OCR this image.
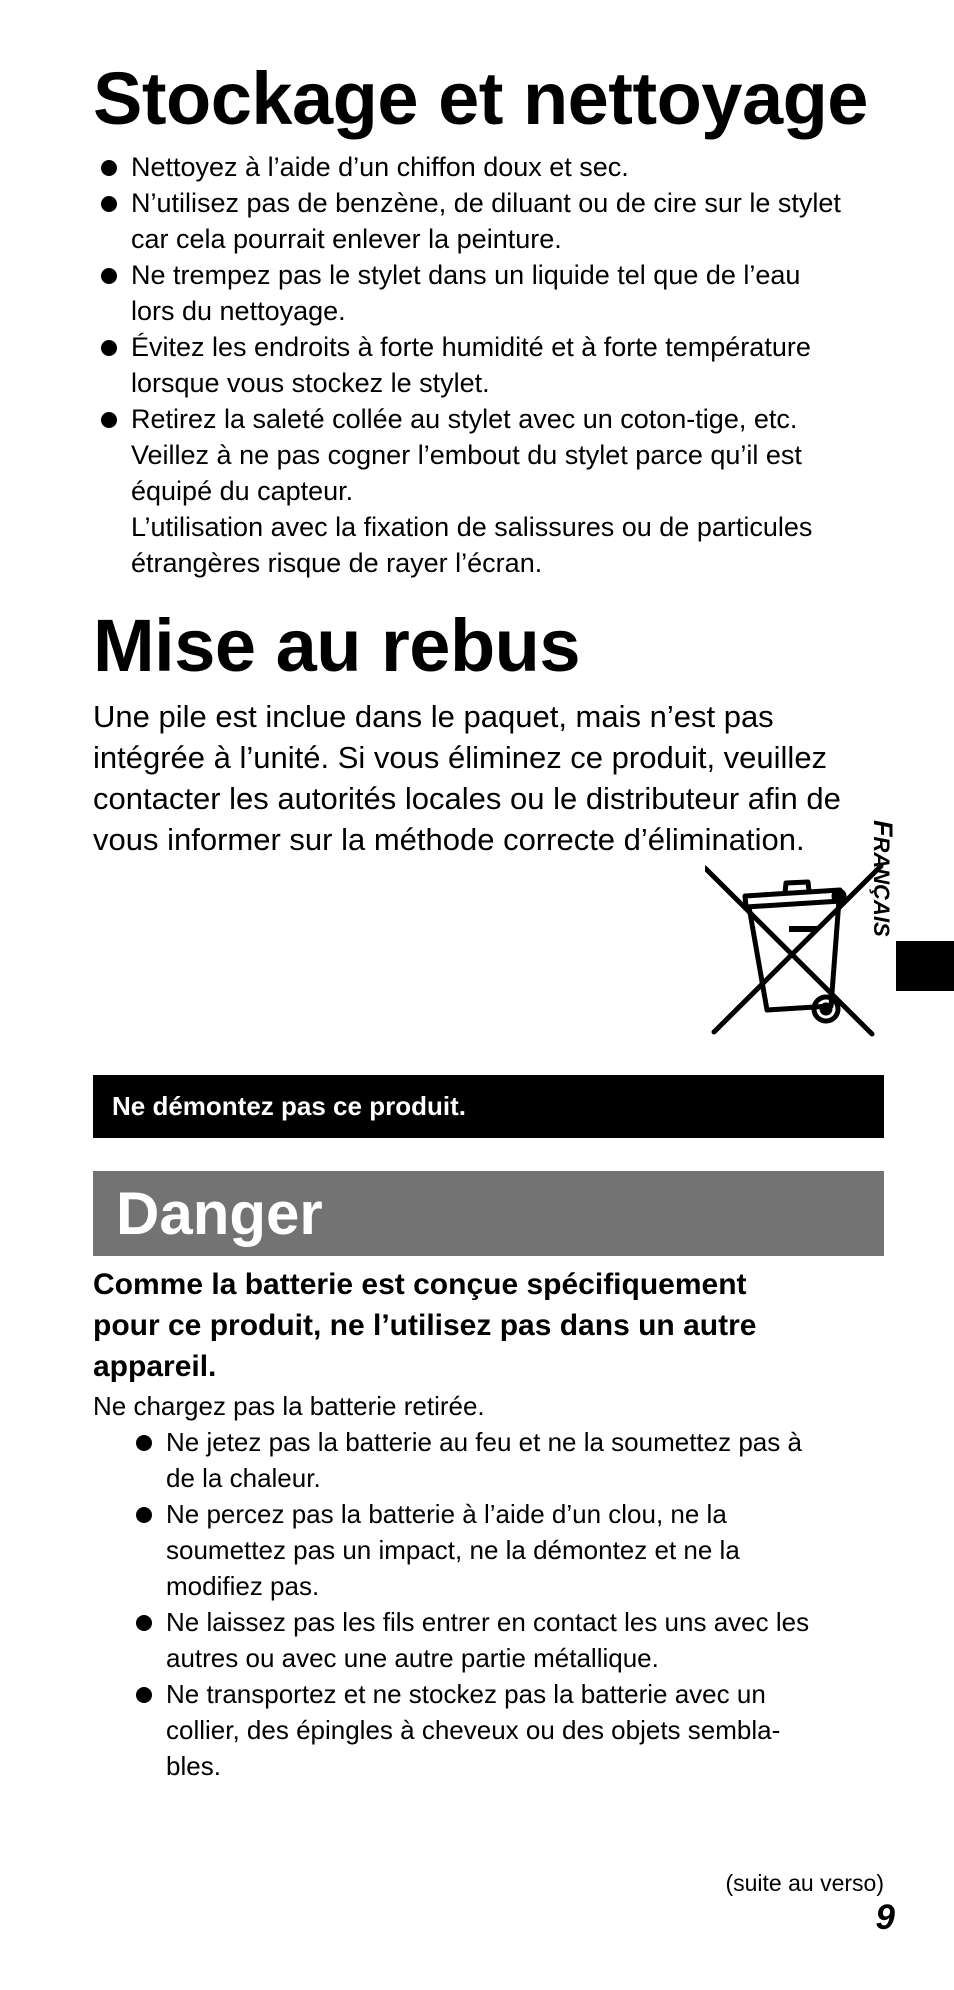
Stockage et nettoyage
Nettoyez à l’aide d’un chiffon doux et sec.
N’utilisez pas de benzène, de diluant ou de cire sur le stylet
car cela pourrait enlever la peinture.
Ne trempez pas le stylet dans un liquide tel que de l’eau
lors du nettoyage.
Évitez les endroits à forte humidité et à forte température
lorsque vous stockez le stylet.
Retirez la saleté collée au stylet avec un coton-tige, etc.
Veillez à ne pas cogner l’embout du stylet parce qu’il est
équipé du capteur.
L’utilisation avec la fixation de salissures ou de particules
étrangères risque de rayer l’écran.
Mise au rebus

Une pile est inclue dans le paquet, mais n’est pas
intégrée à l’unité. Si vous éliminez ce produit, veuillez
contacter les autorités locales ou le distributeur afin de
vous informer sur la méthode correcte d’élimination.	FRANÇAIS
Ne démontez pas ce produit.
Danger

Comme la batterie est conçue spécifiquement
pour ce produit, ne l’utilisez pas dans un autre
appareil.

Ne chargez pas la batterie retirée.

Ne jetez pas la batterie au feu et ne la soumettez pas à
de la chaleur.
Ne percez pas la batterie à l’aide d’un clou, ne la
soumettez pas un impact, ne la démontez et ne la
modifiez pas.
Ne laissez pas les fils entrer en contact les uns avec les
autres ou avec une autre partie métallique.
Ne transportez et ne stockez pas la batterie avec un
collier, des épingles à cheveux ou des objets sembla-
bles.
(suite au verso)
9
